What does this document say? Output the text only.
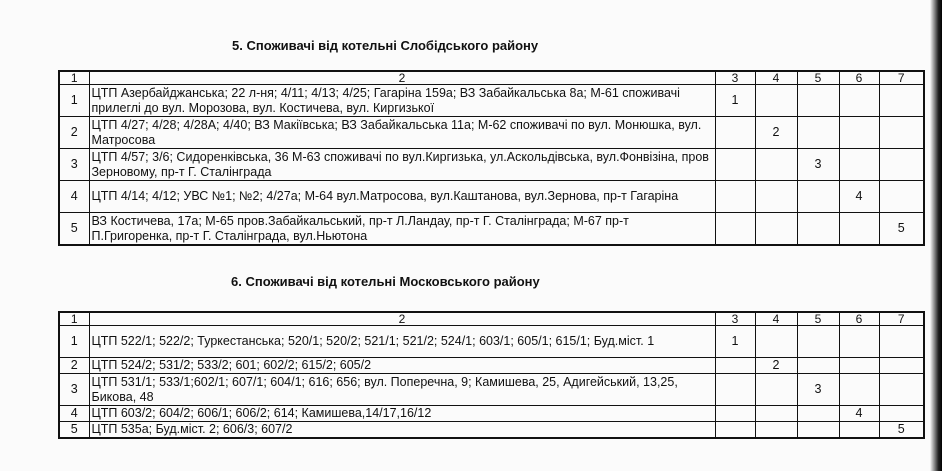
5. Споживачі від котельні Слобідського району
1	2	3	4	5	6	7
1	ЦТП Азербайджанська; 22 л-ня; 4/11; 4/13; 4/25; Гагаріна 159а; ВЗ Забайкальська 8а; М-61 споживачі прилеглі до вул. Морозова, вул. Костичева, вул. Киргизької	1				
2	ЦТП 4/27; 4/28; 4/28А; 4/40; ВЗ Макіївська; ВЗ Забайкальська 11а; М-62 споживачі по вул. Монюшка, вул. Матросова		2			
3	ЦТП 4/57; 3/6; Сидоренківська, 36 М-63 споживачі по вул.Киргизька, ул.Аскольдівська, вул.Фонвізіна, пров Зерновому, пр-т Г. Сталінграда			3		
4	ЦТП 4/14; 4/12; УВС №1; №2; 4/27а; М-64 вул.Матросова, вул.Каштанова, вул.Зернова, пр-т Гагаріна				4	
5	ВЗ Костичева, 17а; М-65 пров.Забайкальський, пр-т Л.Ландау, пр-т Г. Сталінграда; М-67 пр-т П.Григоренка, пр-т Г. Сталінграда, вул.Ньютона					5
6. Споживачі від котельні Московського району
1	2	3	4	5	6	7
1	ЦТП 522/1; 522/2; Туркестанська; 520/1; 520/2; 521/1; 521/2; 524/1; 603/1; 605/1; 615/1; Буд.міст. 1	1				
2	ЦТП 524/2; 531/2; 533/2; 601; 602/2; 615/2; 605/2		2			
3	ЦТП 531/1; 533/1;602/1; 607/1; 604/1; 616; 656; вул. Поперечна, 9; Камишева, 25, Адигейський, 13,25, Бикова, 48			3		
4	ЦТП 603/2; 604/2; 606/1; 606/2; 614; Камишева,14/17,16/12				4	
5	ЦТП 535а; Буд.міст. 2; 606/3; 607/2					5
